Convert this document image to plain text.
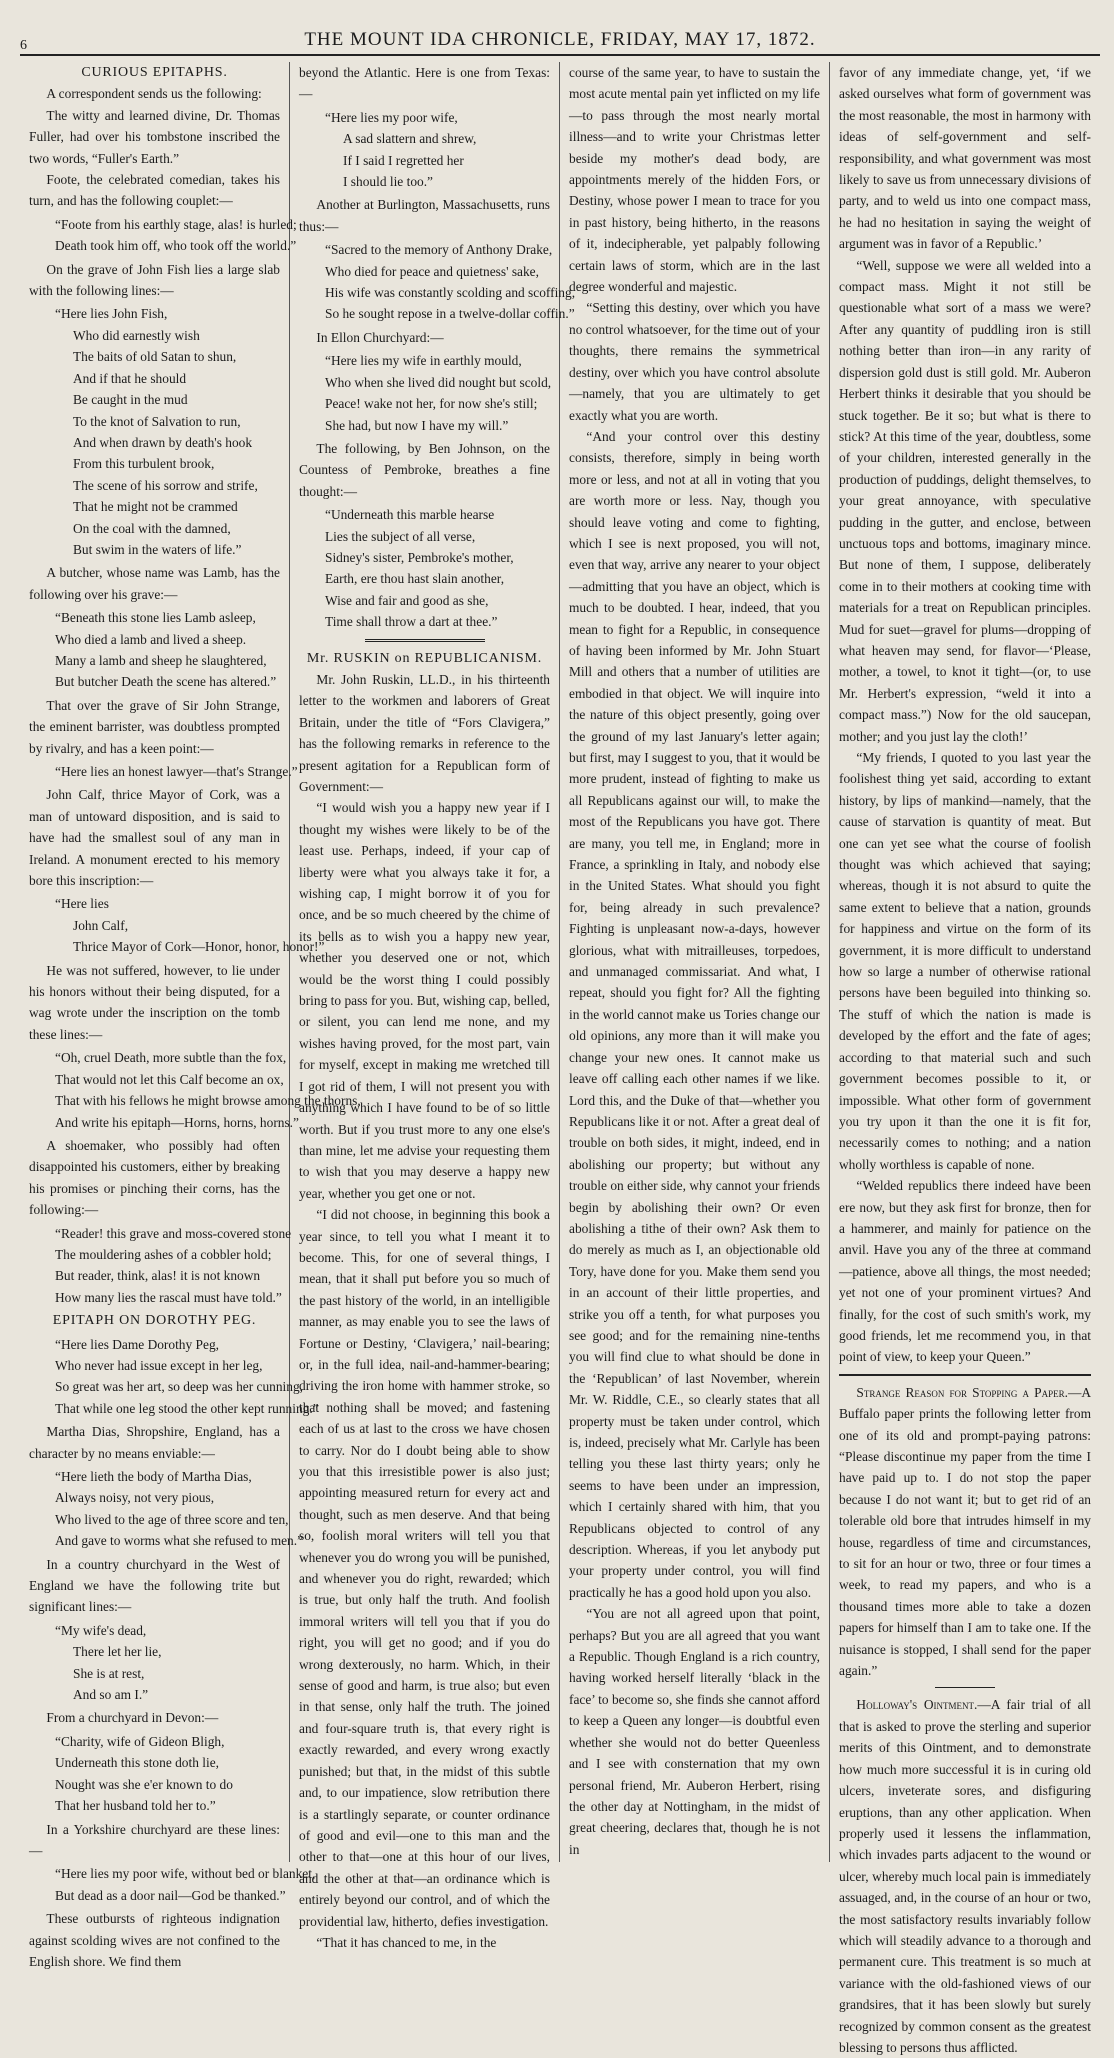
6	THE MOUNT IDA CHRONICLE, FRIDAY, MAY 17, 1872.

CURIOUS EPITAPHS.

A correspondent sends us the following:

The witty and learned divine, Dr. Thomas Fuller, had over his tombstone inscribed the two words, “Fuller's Earth.”

Foote, the celebrated comedian, takes his turn, and has the following couplet:—

“Foote from his earthly stage, alas! is hurled;
Death took him off, who took off the world.”

On the grave of John Fish lies a large slab with the following lines:—

“Here lies John Fish,
Who did earnestly wish
The baits of old Satan to shun,
And if that he should
Be caught in the mud
To the knot of Salvation to run,
And when drawn by death's hook
From this turbulent brook,
The scene of his sorrow and strife,
That he might not be crammed
On the coal with the damned,
But swim in the waters of life.”

A butcher, whose name was Lamb, has the following over his grave:—

“Beneath this stone lies Lamb asleep,
Who died a lamb and lived a sheep.
Many a lamb and sheep he slaughtered,
But butcher Death the scene has altered.”

That over the grave of Sir John Strange, the eminent barrister, was doubtless prompted by rivalry, and has a keen point:—

“Here lies an honest lawyer—that's Strange.”

John Calf, thrice Mayor of Cork, was a man of untoward disposition, and is said to have had the smallest soul of any man in Ireland. A monument erected to his memory bore this inscription:—

“Here lies
John Calf,
Thrice Mayor of Cork—Honor, honor, honor!”

He was not suffered, however, to lie under his honors without their being disputed, for a wag wrote under the inscription on the tomb these lines:—

“Oh, cruel Death, more subtle than the fox,
That would not let this Calf become an ox,
That with his fellows he might browse among the thorns,
And write his epitaph—Horns, horns, horns.”

A shoemaker, who possibly had often disappointed his customers, either by breaking his promises or pinching their corns, has the following:—

“Reader! this grave and moss-covered stone
The mouldering ashes of a cobbler hold;
But reader, think, alas! it is not known
How many lies the rascal must have told.”

EPITAPH ON DOROTHY PEG.

“Here lies Dame Dorothy Peg,
Who never had issue except in her leg,
So great was her art, so deep was her cunning,
That while one leg stood the other kept running.”

Martha Dias, Shropshire, England, has a character by no means enviable:—

“Here lieth the body of Martha Dias,
Always noisy, not very pious,
Who lived to the age of three score and ten,
And gave to worms what she refused to men.”

In a country churchyard in the West of England we have the following trite but significant lines:—

“My wife's dead,
There let her lie,
She is at rest,
And so am I.”

From a churchyard in Devon:—

“Charity, wife of Gideon Bligh,
Underneath this stone doth lie,
Nought was she e'er known to do
That her husband told her to.”

In a Yorkshire churchyard are these lines:—

“Here lies my poor wife, without bed or blanket,
But dead as a door nail—God be thanked.”

These outbursts of righteous indignation against scolding wives are not confined to the English shore. We find them

beyond the Atlantic. Here is one from Texas:—

“Here lies my poor wife,
A sad slattern and shrew,
If I said I regretted her
I should lie too.”

Another at Burlington, Massachusetts, runs thus:—

“Sacred to the memory of Anthony Drake,
Who died for peace and quietness' sake,
His wife was constantly scolding and scoffing,
So he sought repose in a twelve-dollar coffin.”

In Ellon Churchyard:—

“Here lies my wife in earthly mould,
Who when she lived did nought but scold,
Peace! wake not her, for now she's still;
She had, but now I have my will.”

The following, by Ben Johnson, on the Countess of Pembroke, breathes a fine thought:—

“Underneath this marble hearse
Lies the subject of all verse,
Sidney's sister, Pembroke's mother,
Earth, ere thou hast slain another,
Wise and fair and good as she,
Time shall throw a dart at thee.”

Mr. RUSKIN on REPUBLICANISM.

Mr. John Ruskin, LL.D., in his thirteenth letter to the workmen and laborers of Great Britain, under the title of “Fors Clavigera,” has the following remarks in reference to the present agitation for a Republican form of Government:—

“I would wish you a happy new year if I thought my wishes were likely to be of the least use. Perhaps, indeed, if your cap of liberty were what you always take it for, a wishing cap, I might borrow it of you for once, and be so much cheered by the chime of its bells as to wish you a happy new year, whether you deserved one or not, which would be the worst thing I could possibly bring to pass for you. But, wishing cap, belled, or silent, you can lend me none, and my wishes having proved, for the most part, vain for myself, except in making me wretched till I got rid of them, I will not present you with anything which I have found to be of so little worth. But if you trust more to any one else's than mine, let me advise your requesting them to wish that you may deserve a happy new year, whether you get one or not.

“I did not choose, in beginning this book a year since, to tell you what I meant it to become. This, for one of several things, I mean, that it shall put before you so much of the past history of the world, in an intelligible manner, as may enable you to see the laws of Fortune or Destiny, ‘Clavigera,’ nail-bearing; or, in the full idea, nail-and-hammer-bearing; driving the iron home with hammer stroke, so that nothing shall be moved; and fastening each of us at last to the cross we have chosen to carry. Nor do I doubt being able to show you that this irresistible power is also just; appointing measured return for every act and thought, such as men deserve. And that being so, foolish moral writers will tell you that whenever you do wrong you will be punished, and whenever you do right, rewarded; which is true, but only half the truth. And foolish immoral writers will tell you that if you do right, you will get no good; and if you do wrong dexterously, no harm. Which, in their sense of good and harm, is true also; but even in that sense, only half the truth. The joined and four-square truth is, that every right is exactly rewarded, and every wrong exactly punished; but that, in the midst of this subtle and, to our impatience, slow retribution there is a startlingly separate, or counter ordinance of good and evil—one to this man and the other to that—one at this hour of our lives, and the other at that—an ordinance which is entirely beyond our control, and of which the providential law, hitherto, defies investigation.

“That it has chanced to me, in the

course of the same year, to have to sustain the most acute mental pain yet inflicted on my life—to pass through the most nearly mortal illness—and to write your Christmas letter beside my mother's dead body, are appointments merely of the hidden Fors, or Destiny, whose power I mean to trace for you in past history, being hitherto, in the reasons of it, indecipherable, yet palpably following certain laws of storm, which are in the last degree wonderful and majestic.

“Setting this destiny, over which you have no control whatsoever, for the time out of your thoughts, there remains the symmetrical destiny, over which you have control absolute—namely, that you are ultimately to get exactly what you are worth.

“And your control over this destiny consists, therefore, simply in being worth more or less, and not at all in voting that you are worth more or less. Nay, though you should leave voting and come to fighting, which I see is next proposed, you will not, even that way, arrive any nearer to your object—admitting that you have an object, which is much to be doubted. I hear, indeed, that you mean to fight for a Republic, in consequence of having been informed by Mr. John Stuart Mill and others that a number of utilities are embodied in that object. We will inquire into the nature of this object presently, going over the ground of my last January's letter again; but first, may I suggest to you, that it would be more prudent, instead of fighting to make us all Republicans against our will, to make the most of the Republicans you have got. There are many, you tell me, in England; more in France, a sprinkling in Italy, and nobody else in the United States. What should you fight for, being already in such prevalence? Fighting is unpleasant now-a-days, however glorious, what with mitrailleuses, torpedoes, and unmanaged commissariat. And what, I repeat, should you fight for? All the fighting in the world cannot make us Tories change our old opinions, any more than it will make you change your new ones. It cannot make us leave off calling each other names if we like. Lord this, and the Duke of that—whether you Republicans like it or not. After a great deal of trouble on both sides, it might, indeed, end in abolishing our property; but without any trouble on either side, why cannot your friends begin by abolishing their own? Or even abolishing a tithe of their own? Ask them to do merely as much as I, an objectionable old Tory, have done for you. Make them send you in an account of their little properties, and strike you off a tenth, for what purposes you see good; and for the remaining nine-tenths you will find clue to what should be done in the ‘Republican’ of last November, wherein Mr. W. Riddle, C.E., so clearly states that all property must be taken under control, which is, indeed, precisely what Mr. Carlyle has been telling you these last thirty years; only he seems to have been under an impression, which I certainly shared with him, that you Republicans objected to control of any description. Whereas, if you let anybody put your property under control, you will find practically he has a good hold upon you also.

“You are not all agreed upon that point, perhaps? But you are all agreed that you want a Republic. Though England is a rich country, having worked herself literally ‘black in the face’ to become so, she finds she cannot afford to keep a Queen any longer—is doubtful even whether she would not do better Queenless and I see with consternation that my own personal friend, Mr. Auberon Herbert, rising the other day at Nottingham, in the midst of great cheering, declares that, though he is not in

favor of any immediate change, yet, ‘if we asked ourselves what form of government was the most reasonable, the most in harmony with ideas of self-government and self-responsibility, and what government was most likely to save us from unnecessary divisions of party, and to weld us into one compact mass, he had no hesitation in saying the weight of argument was in favor of a Republic.’

“Well, suppose we were all welded into a compact mass. Might it not still be questionable what sort of a mass we were? After any quantity of puddling iron is still nothing better than iron—in any rarity of dispersion gold dust is still gold. Mr. Auberon Herbert thinks it desirable that you should be stuck together. Be it so; but what is there to stick? At this time of the year, doubtless, some of your children, interested generally in the production of puddings, delight themselves, to your great annoyance, with speculative pudding in the gutter, and enclose, between unctuous tops and bottoms, imaginary mince. But none of them, I suppose, deliberately come in to their mothers at cooking time with materials for a treat on Republican principles. Mud for suet—gravel for plums—dropping of what heaven may send, for flavor—‘Please, mother, a towel, to knot it tight—(or, to use Mr. Herbert's expression, “weld it into a compact mass.”) Now for the old saucepan, mother; and you just lay the cloth!’

“My friends, I quoted to you last year the foolishest thing yet said, according to extant history, by lips of mankind—namely, that the cause of starvation is quantity of meat. But one can yet see what the course of foolish thought was which achieved that saying; whereas, though it is not absurd to quite the same extent to believe that a nation, grounds for happiness and virtue on the form of its government, it is more difficult to understand how so large a number of otherwise rational persons have been beguiled into thinking so. The stuff of which the nation is made is developed by the effort and the fate of ages; according to that material such and such government becomes possible to it, or impossible. What other form of government you try upon it than the one it is fit for, necessarily comes to nothing; and a nation wholly worthless is capable of none.

“Welded republics there indeed have been ere now, but they ask first for bronze, then for a hammerer, and mainly for patience on the anvil. Have you any of the three at command—patience, above all things, the most needed; yet not one of your prominent virtues? And finally, for the cost of such smith's work, my good friends, let me recommend you, in that point of view, to keep your Queen.”

Strange Reason for Stopping a Paper.—A Buffalo paper prints the following letter from one of its old and prompt-paying patrons: “Please discontinue my paper from the time I have paid up to. I do not stop the paper because I do not want it; but to get rid of an tolerable old bore that intrudes himself in my house, regardless of time and circumstances, to sit for an hour or two, three or four times a week, to read my papers, and who is a thousand times more able to take a dozen papers for himself than I am to take one. If the nuisance is stopped, I shall send for the paper again.”

Holloway's Ointment.—A fair trial of all that is asked to prove the sterling and superior merits of this Ointment, and to demonstrate how much more successful it is in curing old ulcers, inveterate sores, and disfiguring eruptions, than any other application. When properly used it lessens the inflammation, which invades parts adjacent to the wound or ulcer, whereby much local pain is immediately assuaged, and, in the course of an hour or two, the most satisfactory results invariably follow which will steadily advance to a thorough and permanent cure. This treatment is so much at variance with the old-fashioned views of our grandsires, that it has been slowly but surely recognized by common consent as the greatest blessing to persons thus afflicted.
